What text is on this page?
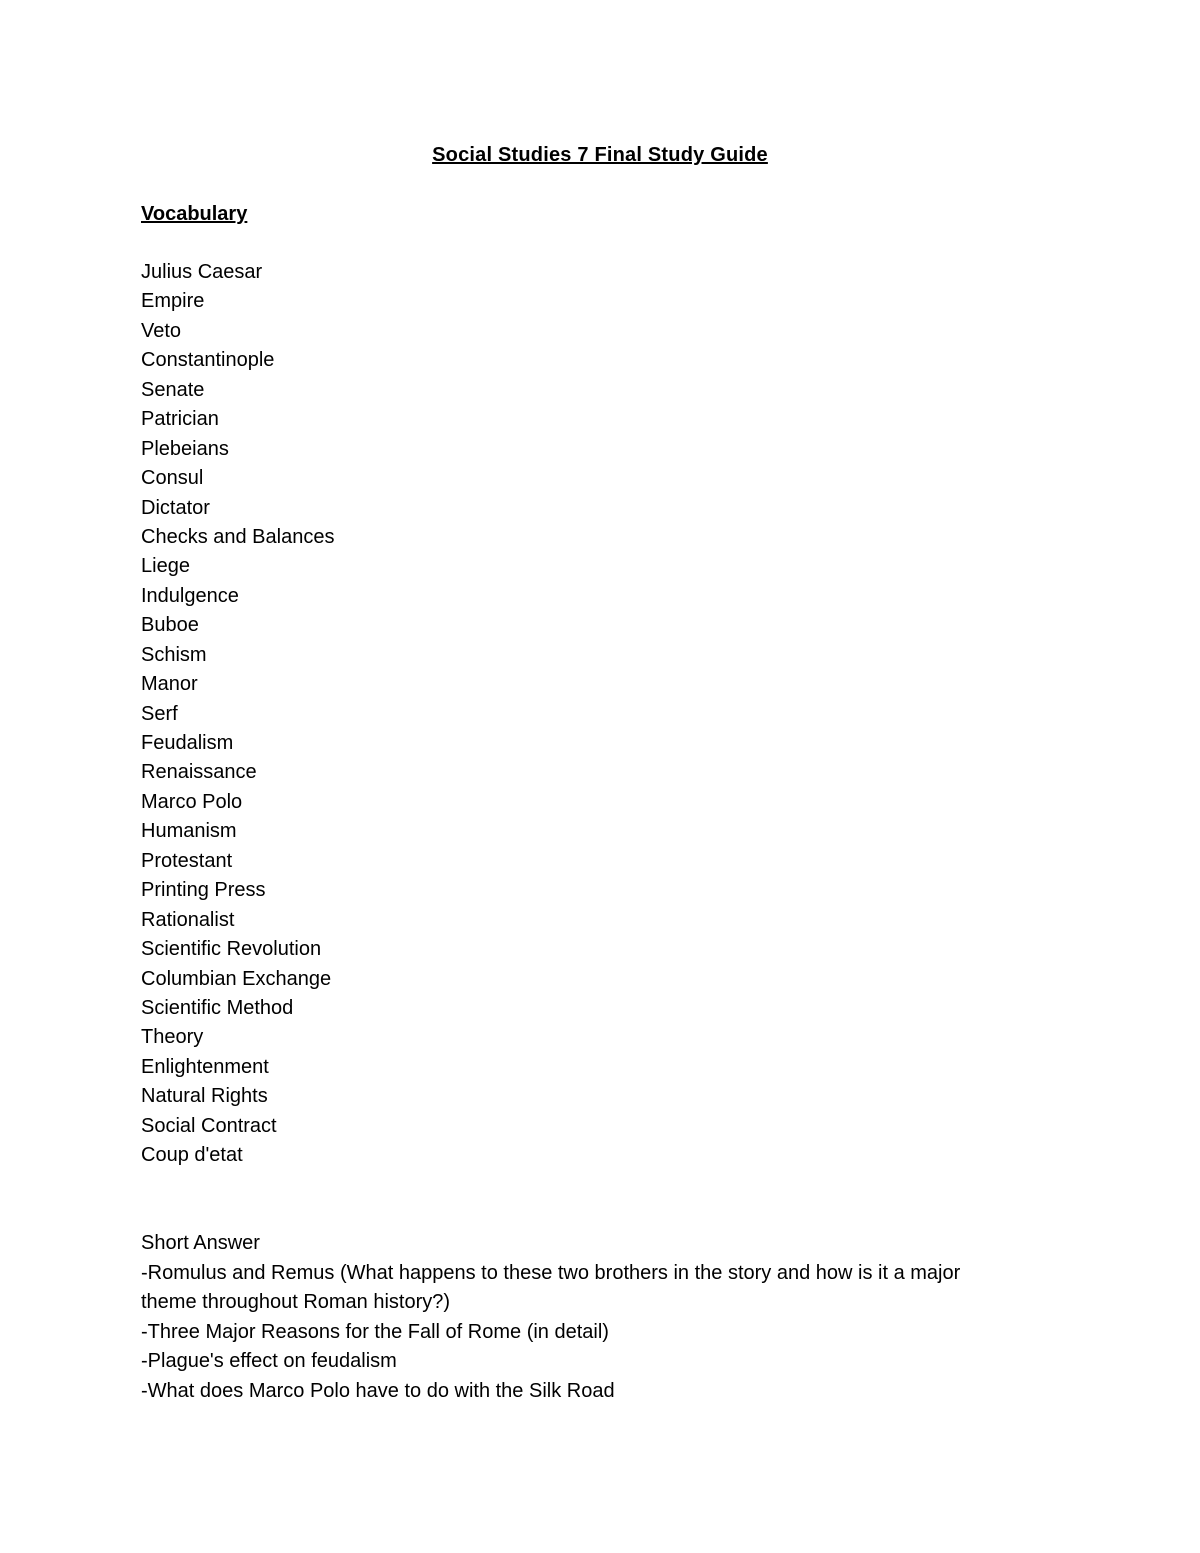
Social Studies 7 Final Study Guide
Vocabulary
Julius Caesar
Empire
Veto
Constantinople
Senate
Patrician
Plebeians
Consul
Dictator
Checks and Balances
Liege
Indulgence
Buboe
Schism
Manor
Serf
Feudalism
Renaissance
Marco Polo
Humanism
Protestant
Printing Press
Rationalist
Scientific Revolution
Columbian Exchange
Scientific Method
Theory
Enlightenment
Natural Rights
Social Contract
Coup d'etat
Short Answer
-Romulus and Remus (What happens to these two brothers in the story and how is it a major
theme throughout Roman history?)
-Three Major Reasons for the Fall of Rome (in detail)
-Plague's effect on feudalism
-What does Marco Polo have to do with the Silk Road
